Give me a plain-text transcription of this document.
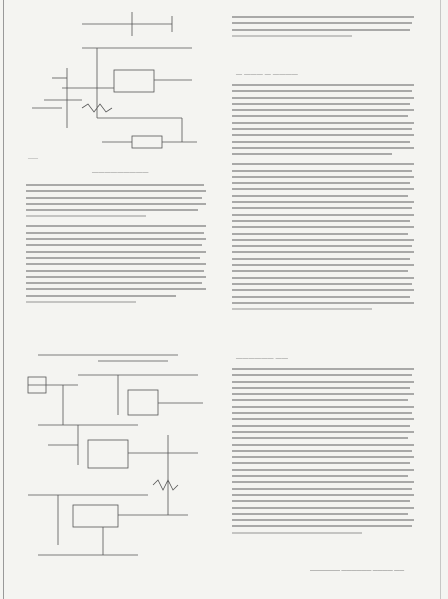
——
—————————
— ——— — ————
—————— ——
—————— —————— ———— ——
